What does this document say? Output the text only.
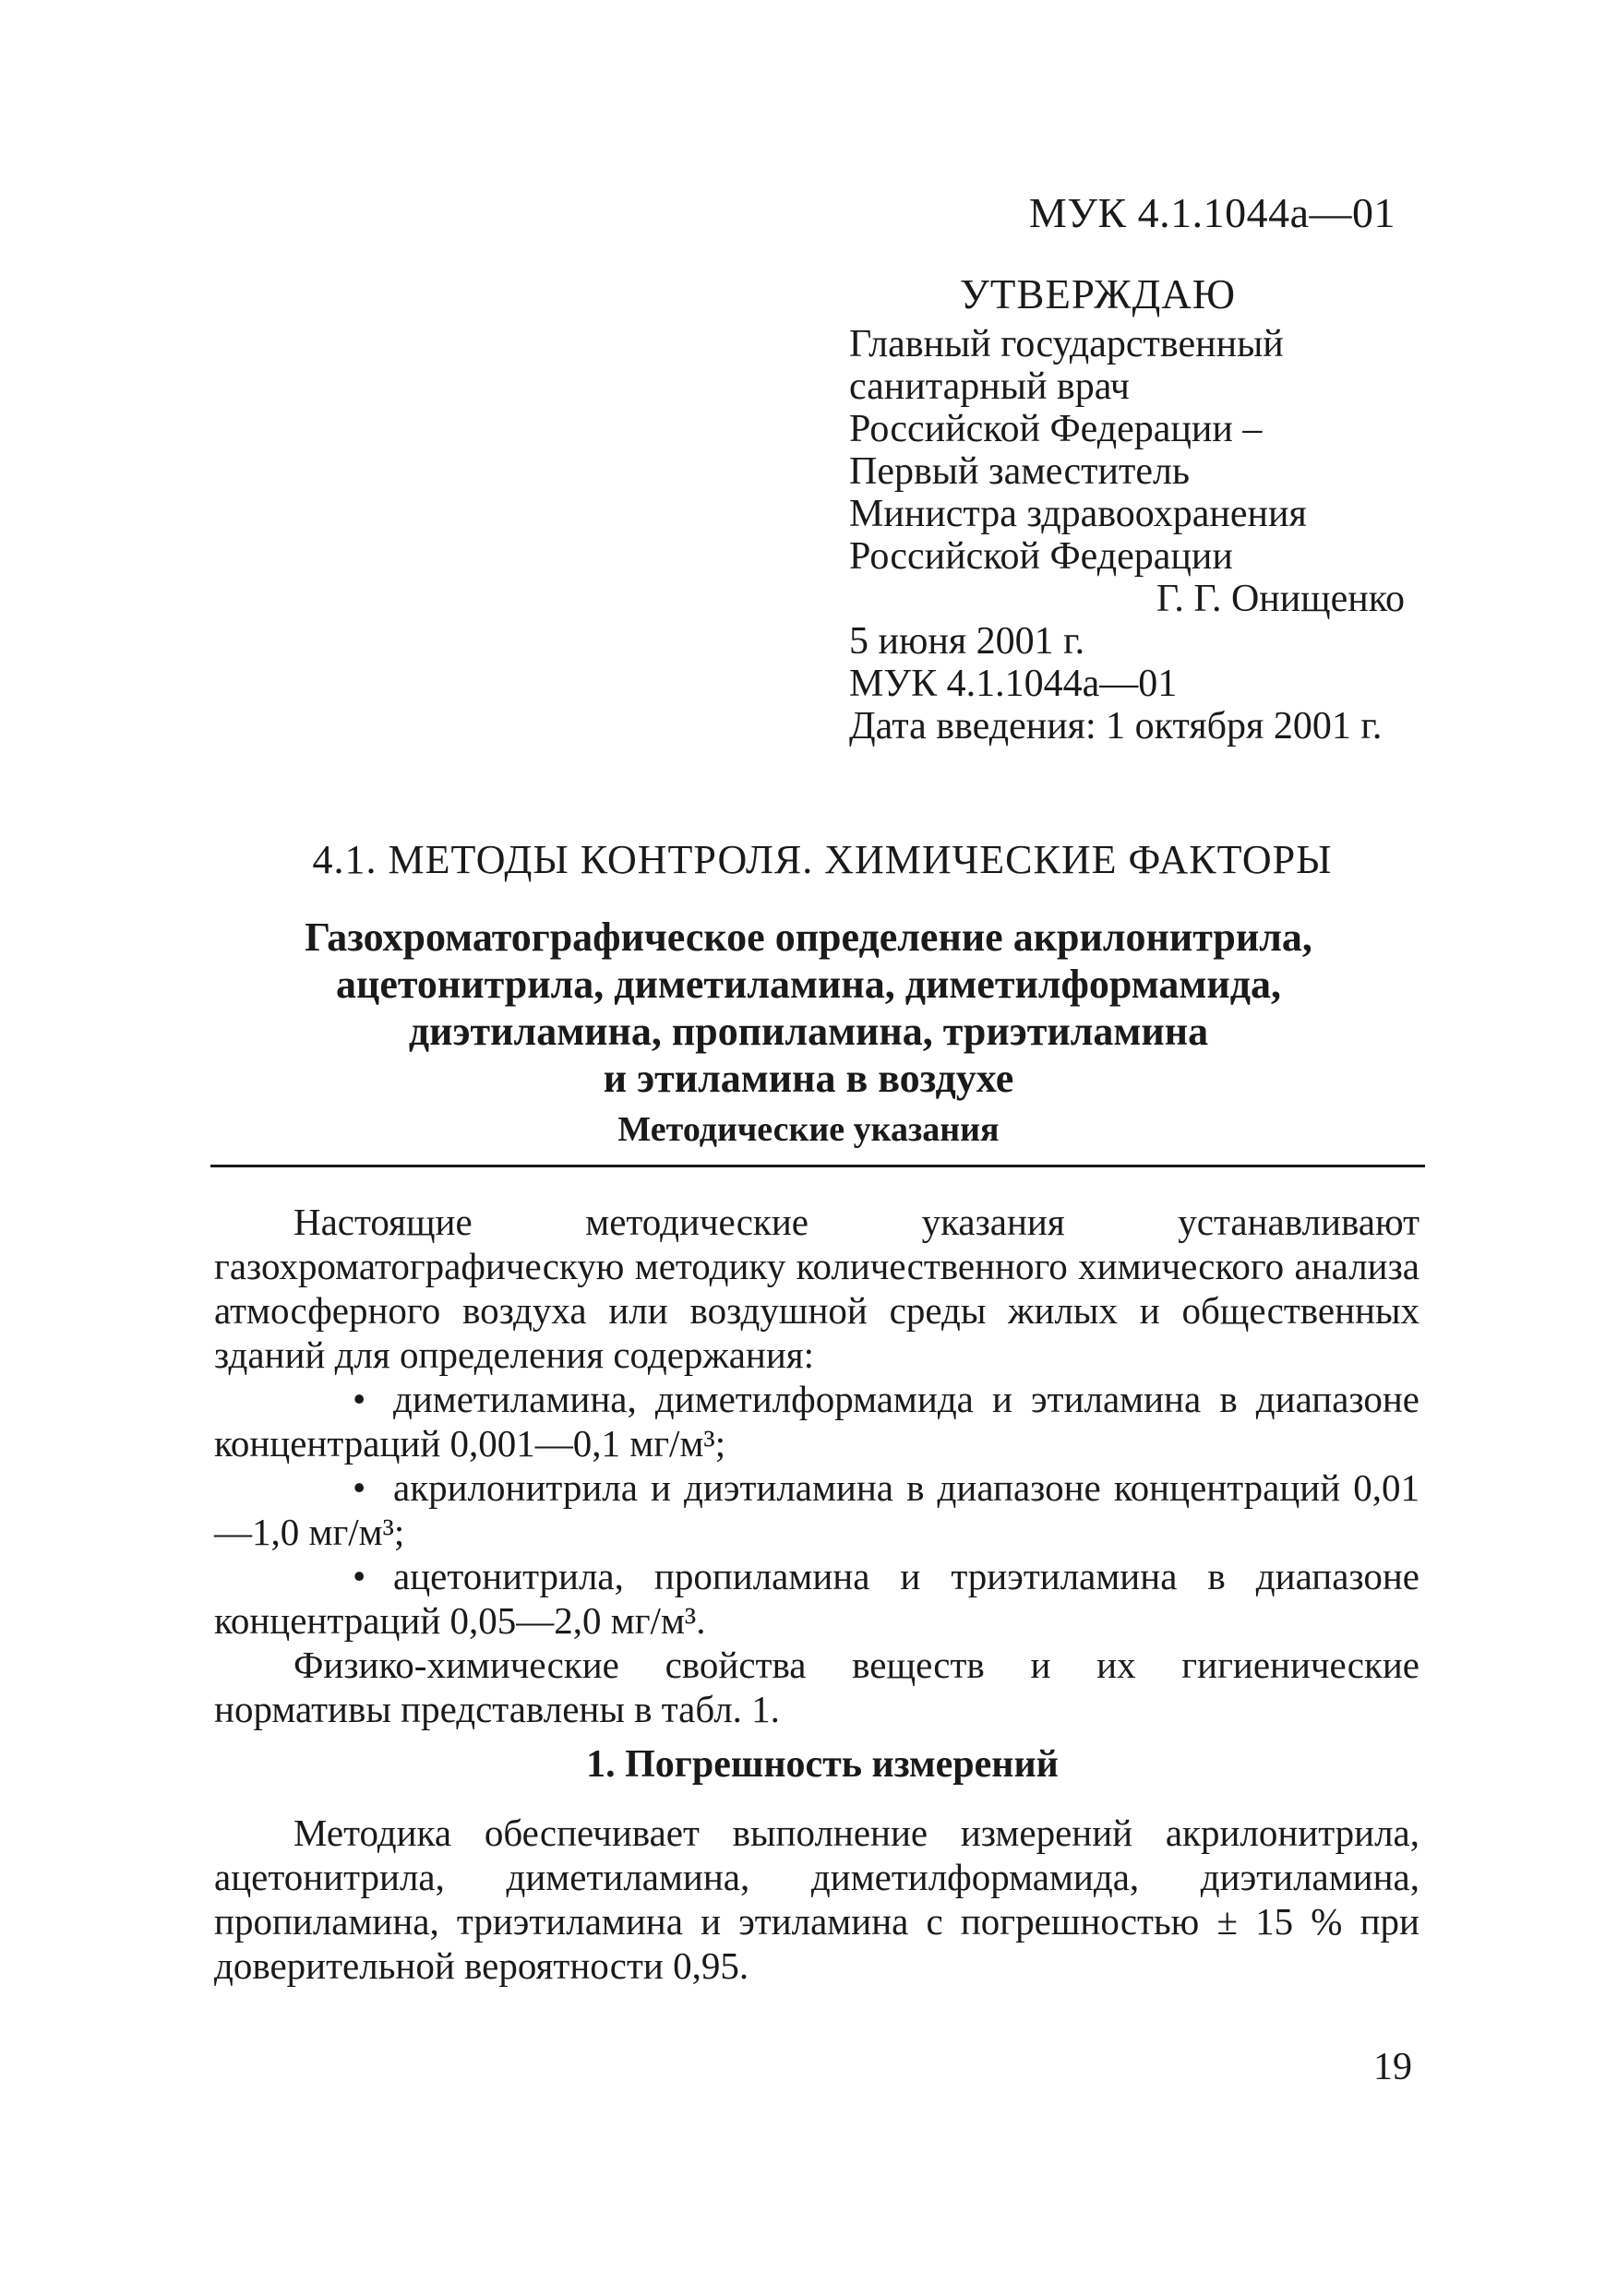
МУК 4.1.1044а—01
УТВЕРЖДАЮ
Главный государственный
санитарный врач
Российской Федерации –
Первый заместитель
Министра здравоохранения
Российской Федерации
Г. Г. Онищенко
5 июня 2001 г.
МУК 4.1.1044а—01
Дата введения: 1 октября 2001 г.
4.1. МЕТОДЫ КОНТРОЛЯ. ХИМИЧЕСКИЕ ФАКТОРЫ
Газохроматографическое определение акрилонитрила,
ацетонитрила, диметиламина, диметилформамида,
диэтиламина, пропиламина, триэтиламина
и этиламина в воздухе
Методические указания

Настоящие методические указания устанавливают газохроматографическую методику количественного химического анализа атмосферного воздуха или воздушной среды жилых и общественных зданий для определения содержания:

• диметиламина, диметилформамида и этиламина в диапазоне концентраций 0,001—0,1 мг/м³;

• акрилонитрила и диэтиламина в диапазоне концентраций 0,01—1,0 мг/м³;

• ацетонитрила, пропиламина и триэтиламина в диапазоне концентраций 0,05—2,0 мг/м³.

Физико-химические свойства веществ и их гигиенические нормативы представлены в табл. 1.

1. Погрешность измерений

Методика обеспечивает выполнение измерений акрилонитрила, ацетонитрила, диметиламина, диметилформамида, диэтиламина, пропиламина, триэтиламина и этиламина с погрешностью ± 15 % при доверительной вероятности 0,95.

19
